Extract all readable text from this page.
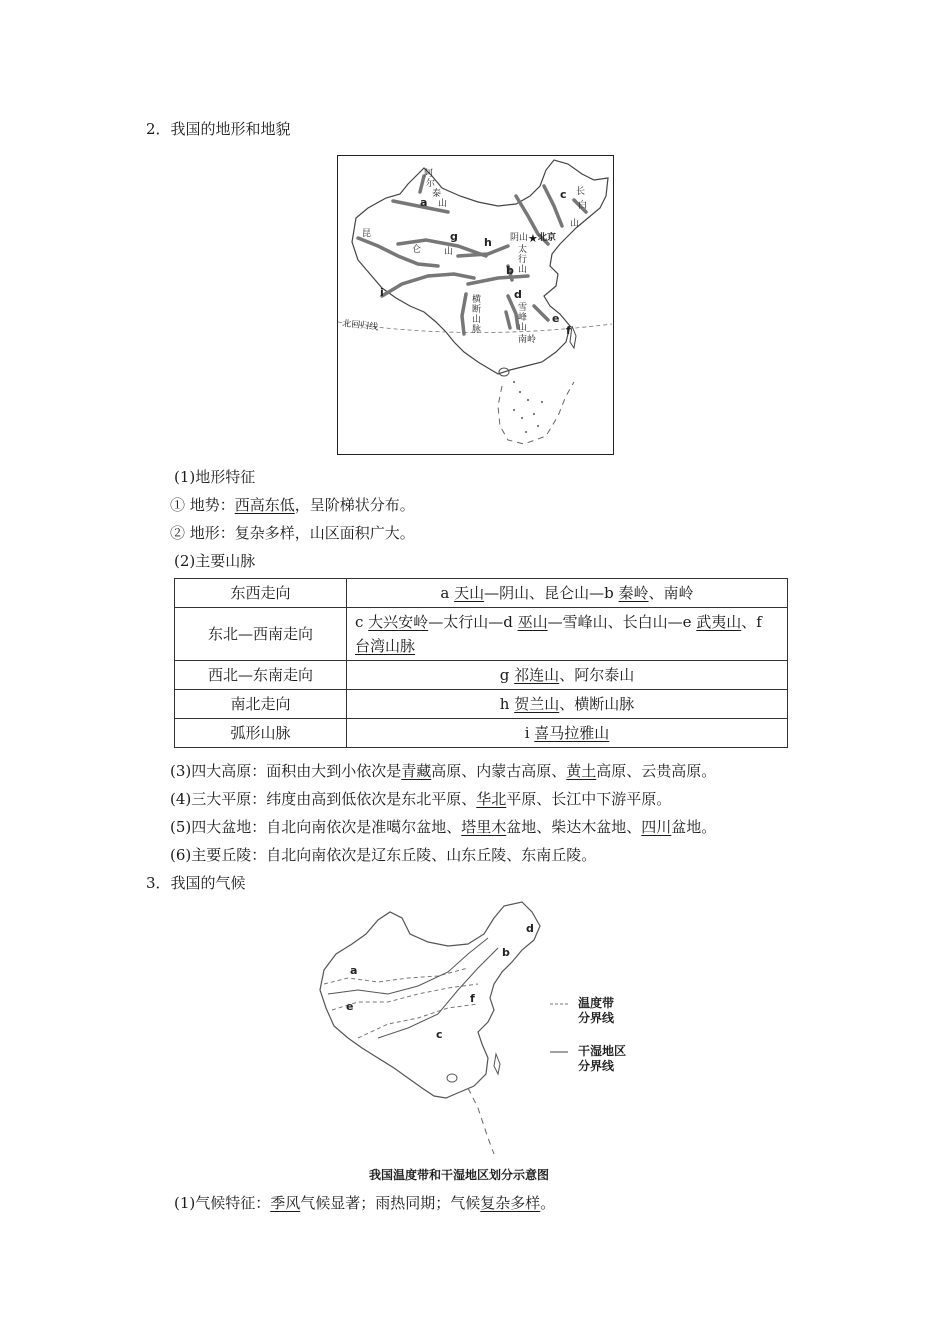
2．我国的地形和地貌
a
b
c
d
e
f
g h
i
北京
★
北回归线
昆
仑	山
阴山
太
行
山
长
白
山
横
断
山
脉
雪
峰
山
南岭
阿
尔
泰
山
(1)地形特征
① 地势：西高东低，呈阶梯状分布。
② 地形：复杂多样，山区面积广大。
(2)主要山脉
东西走向	a 天山—阴山、昆仑山—b 秦岭、南岭
东北—西南走向	c 大兴安岭—太行山—d 巫山—雪峰山、长白山—e 武夷山、f 台湾山脉
西北—东南走向	g 祁连山、阿尔泰山
南北走向	h 贺兰山、横断山脉
弧形山脉	i 喜马拉雅山
(3)四大高原：面积由大到小依次是青藏高原、内蒙古高原、黄土高原、云贵高原。
(4)三大平原：纬度由高到低依次是东北平原、华北平原、长江中下游平原。
(5)四大盆地：自北向南依次是准噶尔盆地、塔里木盆地、柴达木盆地、四川盆地。
(6)主要丘陵：自北向南依次是辽东丘陵、山东丘陵、东南丘陵。
3．我国的气候
a
b
c
d
e
f	温度带
分界线
干湿地区
分界线
我国温度带和干湿地区划分示意图
(1)气候特征：季风气候显著；雨热同期；气候复杂多样。
